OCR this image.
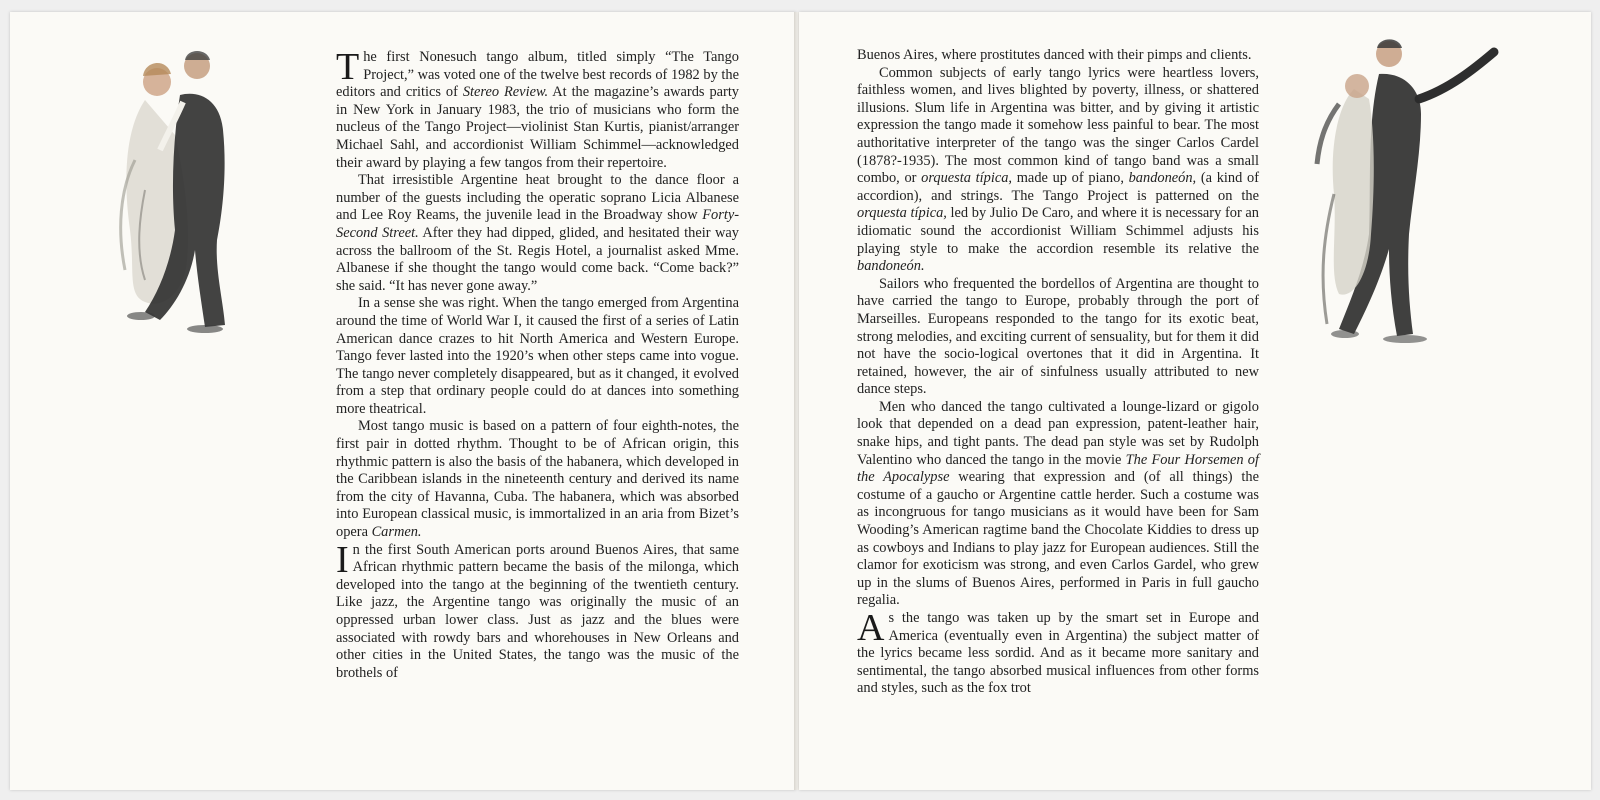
The first Nonesuch tango album, titled simply “The Tango Project,” was voted one of the twelve best records of 1982 by the editors and critics of Stereo Review. At the magazine’s awards party in New York in January 1983, the trio of musicians who form the nucleus of the Tango Project—violinist Stan Kurtis, pianist/arranger Michael Sahl, and accordionist William Schimmel—acknowledged their award by playing a few tangos from their repertoire.

That irresistible Argentine heat brought to the dance floor a number of the guests including the operatic soprano Licia Albanese and Lee Roy Reams, the juvenile lead in the Broadway show Forty-Second Street. After they had dipped, glided, and hesitated their way across the ballroom of the St. Regis Hotel, a journalist asked Mme. Albanese if she thought the tango would come back. “Come back?” she said. “It has never gone away.”

In a sense she was right. When the tango emerged from Argentina around the time of World War I, it caused the first of a series of Latin American dance crazes to hit North America and Western Europe. Tango fever lasted into the 1920’s when other steps came into vogue. The tango never completely disappeared, but as it changed, it evolved from a step that ordinary people could do at dances into something more theatrical.

Most tango music is based on a pattern of four eighth-notes, the first pair in dotted rhythm. Thought to be of African origin, this rhythmic pattern is also the basis of the habanera, which developed in the Caribbean islands in the nineteenth century and derived its name from the city of Havanna, Cuba. The habanera, which was absorbed into European classical music, is immortalized in an aria from Bizet’s opera Carmen.

In the first South American ports around Buenos Aires, that same African rhythmic pattern became the basis of the milonga, which developed into the tango at the beginning of the twentieth century. Like jazz, the Argentine tango was originally the music of an oppressed urban lower class. Just as jazz and the blues were associated with rowdy bars and whorehouses in New Orleans and other cities in the United States, the tango was the music of the brothels of

Buenos Aires, where prostitutes danced with their pimps and clients.

Common subjects of early tango lyrics were heartless lovers, faithless women, and lives blighted by poverty, illness, or shattered illusions. Slum life in Argentina was bitter, and by giving it artistic expression the tango made it somehow less painful to bear. The most authoritative interpreter of the tango was the singer Carlos Cardel (1878?-1935). The most common kind of tango band was a small combo, or orquesta típica, made up of piano, bandoneón, (a kind of accordion), and strings. The Tango Project is patterned on the orquesta típica, led by Julio De Caro, and where it is necessary for an idiomatic sound the accordionist William Schimmel adjusts his playing style to make the accordion resemble its relative the bandoneón.

Sailors who frequented the bordellos of Argentina are thought to have carried the tango to Europe, probably through the port of Marseilles. Europeans responded to the tango for its exotic beat, strong melodies, and exciting current of sensuality, but for them it did not have the socio-logical overtones that it did in Argentina. It retained, however, the air of sinfulness usually attributed to new dance steps.

Men who danced the tango cultivated a lounge-lizard or gigolo look that depended on a dead pan expression, patent-leather hair, snake hips, and tight pants. The dead pan style was set by Rudolph Valentino who danced the tango in the movie The Four Horsemen of the Apocalypse wearing that expression and (of all things) the costume of a gaucho or Argentine cattle herder. Such a costume was as incongruous for tango musicians as it would have been for Sam Wooding’s American ragtime band the Chocolate Kiddies to dress up as cowboys and Indians to play jazz for European audiences. Still the clamor for exoticism was strong, and even Carlos Gardel, who grew up in the slums of Buenos Aires, performed in Paris in full gaucho regalia.

As the tango was taken up by the smart set in Europe and America (eventually even in Argentina) the subject matter of the lyrics became less sordid. And as it became more sanitary and sentimental, the tango absorbed musical influences from other forms and styles, such as the fox trot
